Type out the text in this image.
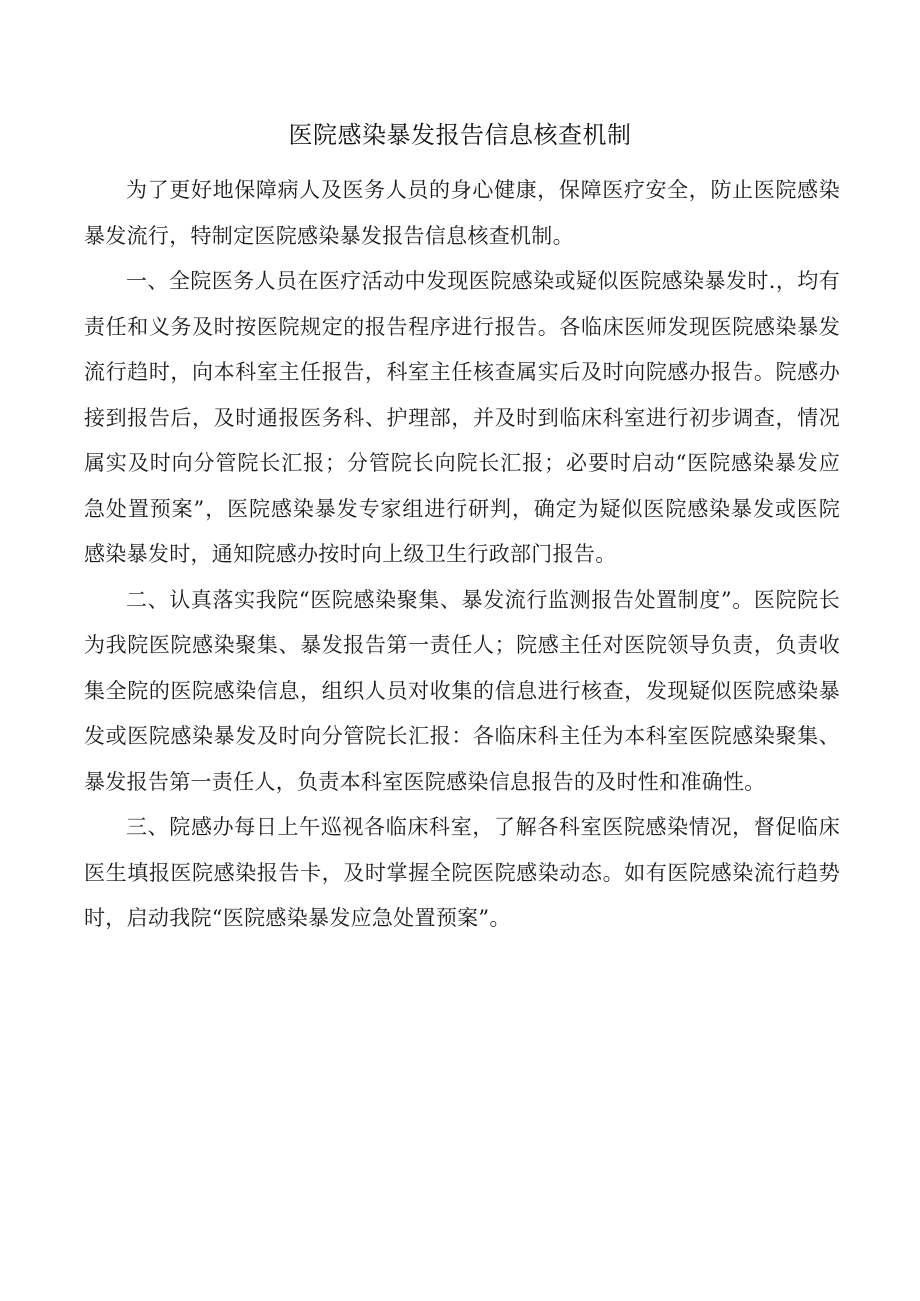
医院感染暴发报告信息核查机制

为了更好地保障病人及医务人员的身心健康，保障医疗安全，防止医院感染暴发流行，特制定医院感染暴发报告信息核查机制。

一、全院医务人员在医疗活动中发现医院感染或疑似医院感染暴发时.，均有责任和义务及时按医院规定的报告程序进行报告。各临床医师发现医院感染暴发流行趋时，向本科室主任报告，科室主任核查属实后及时向院感办报告。院感办接到报告后，及时通报医务科、护理部，并及时到临床科室进行初步调查，情况属实及时向分管院长汇报；分管院长向院长汇报；必要时启动“医院感染暴发应急处置预案”，医院感染暴发专家组进行研判，确定为疑似医院感染暴发或医院感染暴发时，通知院感办按时向上级卫生行政部门报告。

二、认真落实我院“医院感染聚集、暴发流行监测报告处置制度”。医院院长为我院医院感染聚集、暴发报告第一责任人；院感主任对医院领导负责，负责收集全院的医院感染信息，组织人员对收集的信息进行核查，发现疑似医院感染暴发或医院感染暴发及时向分管院长汇报：各临床科主任为本科室医院感染聚集、暴发报告第一责任人，负责本科室医院感染信息报告的及时性和准确性。

三、院感办每日上午巡视各临床科室，了解各科室医院感染情况，督促临床医生填报医院感染报告卡，及时掌握全院医院感染动态。如有医院感染流行趋势时，启动我院“医院感染暴发应急处置预案”。
